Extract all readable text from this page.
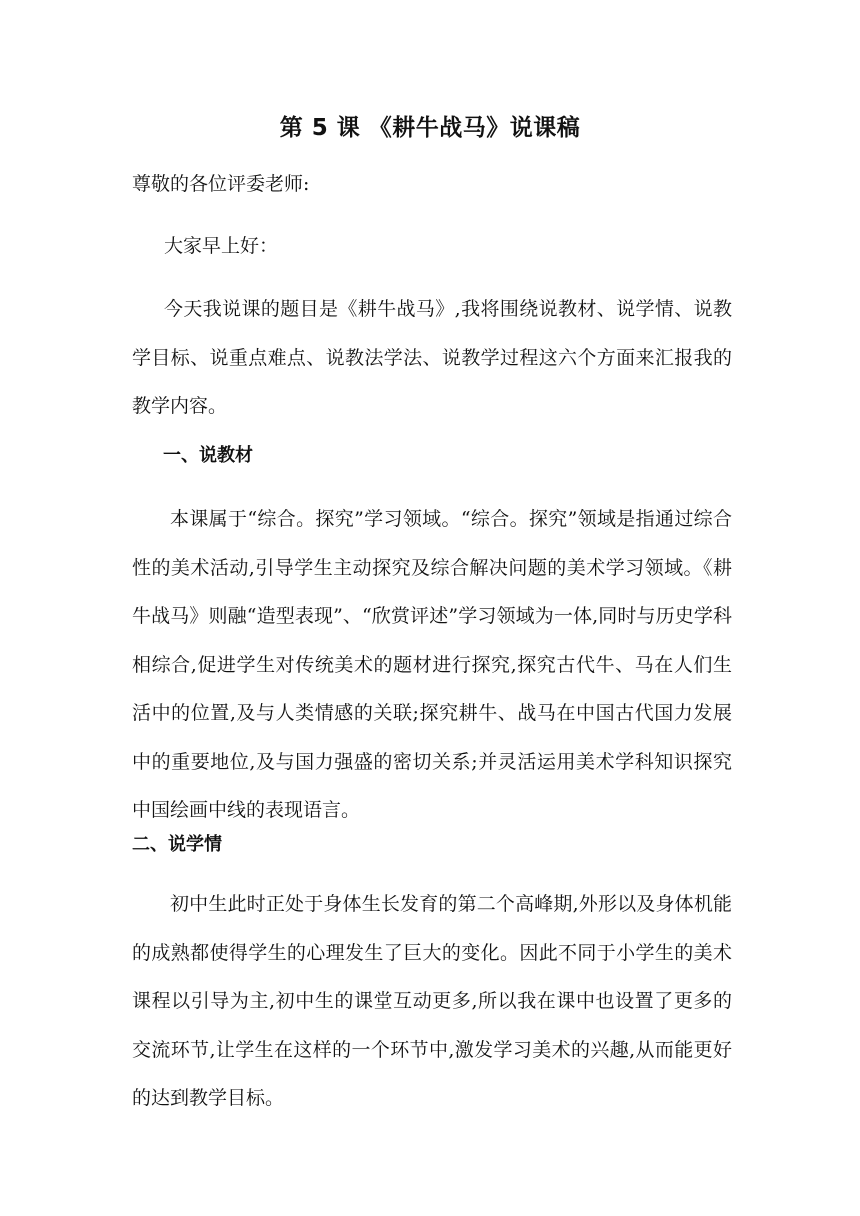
第 5 课 《耕牛战马》说课稿
尊敬的各位评委老师:
大家早上好：
今天我说课的题目是《耕牛战马》,我将围绕说教材、说学情、说教学目标、说重点难点、说教法学法、说教学过程这六个方面来汇报我的教学内容。
一、说教材
本课属于“综合。探究”学习领域。“综合。探究”领域是指通过综合性的美术活动,引导学生主动探究及综合解决问题的美术学习领域。《耕牛战马》则融“造型表现”、“欣赏评述”学习领域为一体,同时与历史学科相综合,促进学生对传统美术的题材进行探究,探究古代牛、马在人们生活中的位置,及与人类情感的关联;探究耕牛、战马在中国古代国力发展中的重要地位,及与国力强盛的密切关系;并灵活运用美术学科知识探究中国绘画中线的表现语言。
二、说学情
初中生此时正处于身体生长发育的第二个高峰期,外形以及身体机能的成熟都使得学生的心理发生了巨大的变化。因此不同于小学生的美术课程以引导为主,初中生的课堂互动更多,所以我在课中也设置了更多的交流环节,让学生在这样的一个环节中,激发学习美术的兴趣,从而能更好的达到教学目标。
